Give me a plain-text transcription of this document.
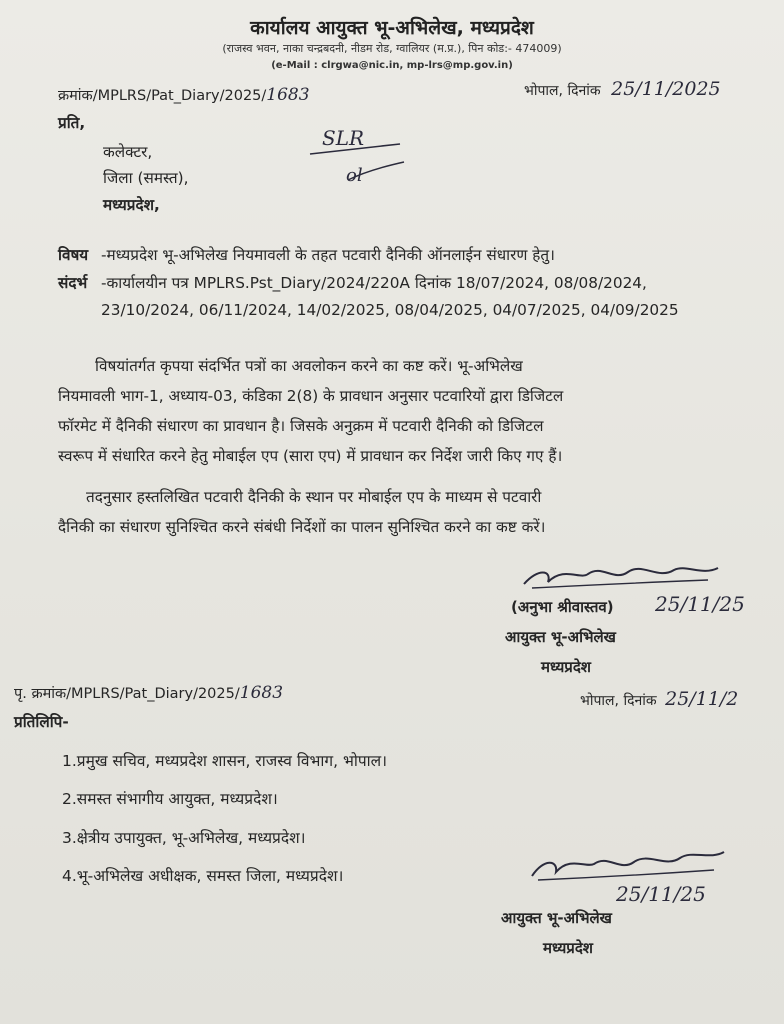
कार्यालय आयुक्त भू-अभिलेख, मध्यप्रदेश
(राजस्व भवन, नाका चन्द्रबदनी, नीडम रोड, ग्वालियर (म.प्र.), पिन कोड:- 474009)
(e-Mail : clrgwa@nic.in, mp-lrs@mp.gov.in)
क्रमांक/MPLRS/Pat_Diary/2025/1683	भोपाल, दिनांक 25/11/2025
प्रति,
कलेक्टर,
जिला (समस्त),
मध्यप्रदेश,
SLR
ol
विषय -मध्यप्रदेश भू-अभिलेख नियमावली के तहत पटवारी दैनिकी ऑनलाईन संधारण हेतु।
संदर्भ -कार्यालयीन पत्र MPLRS.Pst_Diary/2024/220A दिनांक 18/07/2024, 08/08/2024,
23/10/2024, 06/11/2024, 14/02/2025, 08/04/2025, 04/07/2025, 04/09/2025
विषयांतर्गत कृपया संदर्भित पत्रों का अवलोकन करने का कष्ट करें। भू-अभिलेख
नियमावली भाग-1, अध्याय-03, कंडिका 2(8) के प्रावधान अनुसार पटवारियों द्वारा डिजिटल
फॉरमेट में दैनिकी संधारण का प्रावधान है। जिसके अनुक्रम में पटवारी दैनिकी को डिजिटल
स्वरूप में संधारित करने हेतु मोबाईल एप (सारा एप) में प्रावधान कर निर्देश जारी किए गए हैं।
तदनुसार हस्तलिखित पटवारी दैनिकी के स्थान पर मोबाईल एप के माध्यम से पटवारी
दैनिकी का संधारण सुनिश्चित करने संबंधी निर्देशों का पालन सुनिश्चित करने का कष्ट करें।
(अनुभा श्रीवास्तव) 25/11/25
आयुक्त भू-अभिलेख
मध्यप्रदेश
पृ. क्रमांक/MPLRS/Pat_Diary/2025/1683	भोपाल, दिनांक 25/11/2
प्रतिलिपि-
1.प्रमुख सचिव, मध्यप्रदेश शासन, राजस्व विभाग, भोपाल।
2.समस्त संभागीय आयुक्त, मध्यप्रदेश।
3.क्षेत्रीय उपायुक्त, भू-अभिलेख, मध्यप्रदेश।
4.भू-अभिलेख अधीक्षक, समस्त जिला, मध्यप्रदेश।
25/11/25
आयुक्त भू-अभिलेख
मध्यप्रदेश
